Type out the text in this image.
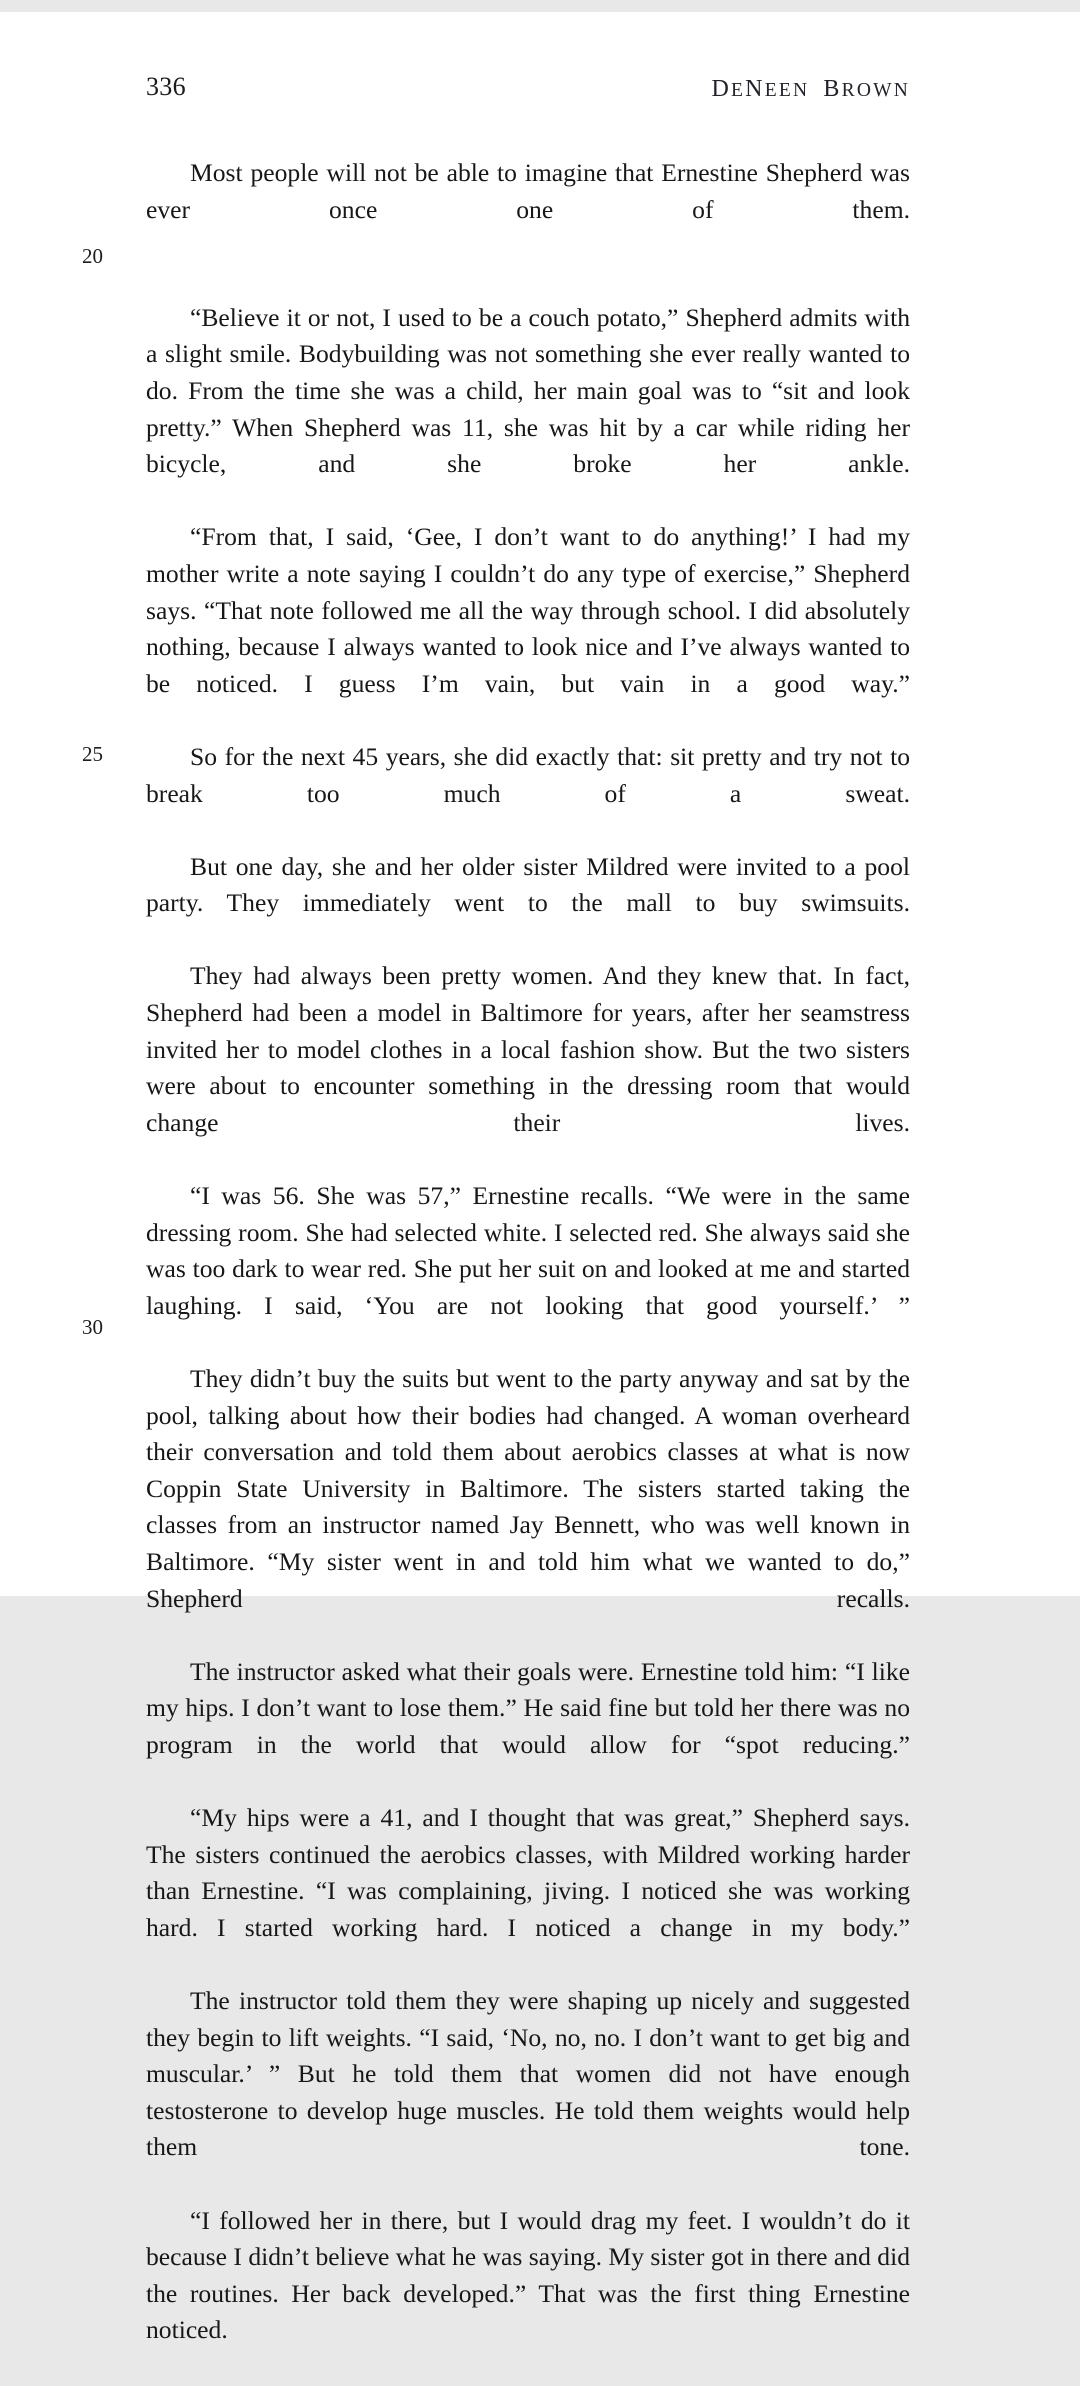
336	DENEEN BROWN
20
25
30

Most people will not be able to imagine that Ernestine Shepherd was ever once one of them.

“Believe it or not, I used to be a couch potato,” Shepherd admits with a slight smile. Bodybuilding was not something she ever really wanted to do. From the time she was a child, her main goal was to “sit and look pretty.” When Shepherd was 11, she was hit by a car while riding her bicycle, and she broke her ankle.

“From that, I said, ‘Gee, I don’t want to do anything!’ I had my mother write a note saying I couldn’t do any type of exercise,” Shepherd says. “That note followed me all the way through school. I did absolutely nothing, because I always wanted to look nice and I’ve always wanted to be noticed. I guess I’m vain, but vain in a good way.”

So for the next 45 years, she did exactly that: sit pretty and try not to break too much of a sweat.

But one day, she and her older sister Mildred were invited to a pool party. They immediately went to the mall to buy swimsuits.

They had always been pretty women. And they knew that. In fact, Shepherd had been a model in Baltimore for years, after her seamstress invited her to model clothes in a local fashion show. But the two sisters were about to encounter something in the dressing room that would change their lives.

“I was 56. She was 57,” Ernestine recalls. “We were in the same dressing room. She had selected white. I selected red. She always said she was too dark to wear red. She put her suit on and looked at me and started laughing. I said, ‘You are not looking that good yourself.’ ”

They didn’t buy the suits but went to the party anyway and sat by the pool, talking about how their bodies had changed. A woman overheard their conversation and told them about aerobics classes at what is now Coppin State University in Baltimore. The sisters started taking the classes from an instructor named Jay Bennett, who was well known in Baltimore. “My sister went in and told him what we wanted to do,” Shepherd recalls.

The instructor asked what their goals were. Ernestine told him: “I like my hips. I don’t want to lose them.” He said fine but told her there was no program in the world that would allow for “spot reducing.”

“My hips were a 41, and I thought that was great,” Shepherd says. The sisters continued the aerobics classes, with Mildred working harder than Ernestine. “I was complaining, jiving. I noticed she was working hard. I started working hard. I noticed a change in my body.”

The instructor told them they were shaping up nicely and suggested they begin to lift weights. “I said, ‘No, no, no. I don’t want to get big and muscular.’ ” But he told them that women did not have enough testosterone to develop huge muscles. He told them weights would help them tone.

“I followed her in there, but I would drag my feet. I wouldn’t do it because I didn’t believe what he was saying. My sister got in there and did the routines. Her back developed.” That was the first thing Ernestine noticed.
